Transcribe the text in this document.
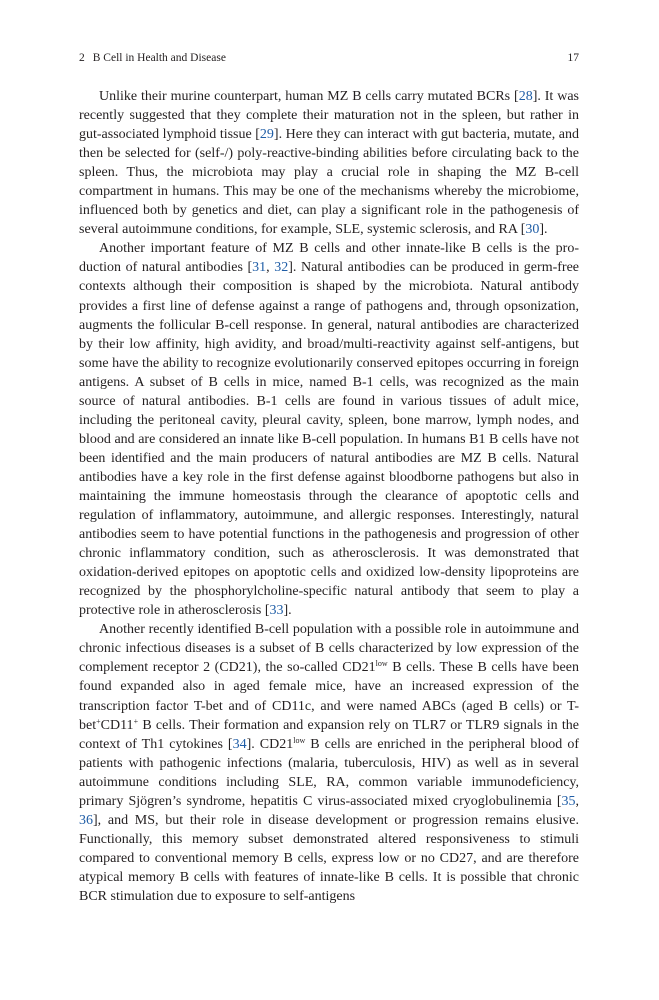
2 B Cell in Health and Disease	17

Unlike their murine counterpart, human MZ B cells carry mutated BCRs [28]. It was recently suggested that they complete their maturation not in the spleen, but rather in gut-associated lymphoid tissue [29]. Here they can interact with gut bacteria, mutate, and then be selected for (self-/) poly-reactive-binding abilities before circulating back to the spleen. Thus, the microbiota may play a crucial role in shaping the MZ B-cell compartment in humans. This may be one of the mechanisms whereby the microbiome, influenced both by genetics and diet, can play a significant role in the pathogenesis of several autoimmune conditions, for example, SLE, systemic sclerosis, and RA [30].

Another important feature of MZ B cells and other innate-like B cells is the production of natural antibodies [31, 32]. Natural antibodies can be produced in germ-free contexts although their composition is shaped by the microbiota. Natural antibody provides a first line of defense against a range of pathogens and, through opsonization, augments the follicular B-cell response. In general, natural antibodies are characterized by their low affinity, high avidity, and broad/multi-reactivity against self-antigens, but some have the ability to recognize evolutionarily conserved epitopes occurring in foreign antigens. A subset of B cells in mice, named B-1 cells, was recognized as the main source of natural antibodies. B-1 cells are found in various tissues of adult mice, including the peritoneal cavity, pleural cavity, spleen, bone marrow, lymph nodes, and blood and are considered an innate like B-cell population. In humans B1 B cells have not been identified and the main producers of natural antibodies are MZ B cells. Natural antibodies have a key role in the first defense against bloodborne pathogens but also in maintaining the immune homeostasis through the clearance of apoptotic cells and regulation of inflammatory, autoimmune, and allergic responses. Interestingly, natural antibodies seem to have potential functions in the pathogenesis and progression of other chronic inflammatory condition, such as atherosclerosis. It was demonstrated that oxidation-derived epitopes on apoptotic cells and oxidized low-density lipoproteins are recognized by the phosphorylcholine-specific natural antibody that seem to play a protective role in atherosclerosis [33].

Another recently identified B-cell population with a possible role in autoimmune and chronic infectious diseases is a subset of B cells characterized by low expression of the complement receptor 2 (CD21), the so-called $CD21^{low}$ B cells. These B cells have been found expanded also in aged female mice, have an increased expression of the transcription factor T-bet and of CD11c, and were named ABCs (aged B cells) or T-bet+CD11+ B cells. Their formation and expansion rely on TLR7 or TLR9 signals in the context of Th1 cytokines [34]. $CD21^{low}$ B cells are enriched in the peripheral blood of patients with pathogenic infections (malaria, tuberculosis, HIV) as well as in several autoimmune conditions including SLE, RA, common variable immunodeficiency, primary Sjögren’s syndrome, hepatitis C virus-associated mixed cryoglobulinemia [35, 36], and MS, but their role in disease development or progression remains elusive. Functionally, this memory subset demonstrated altered responsiveness to stimuli compared to conventional memory B cells, express low or no CD27, and are therefore atypical memory B cells with features of innate-like B cells. It is possible that chronic BCR stimulation due to exposure to self-antigens
